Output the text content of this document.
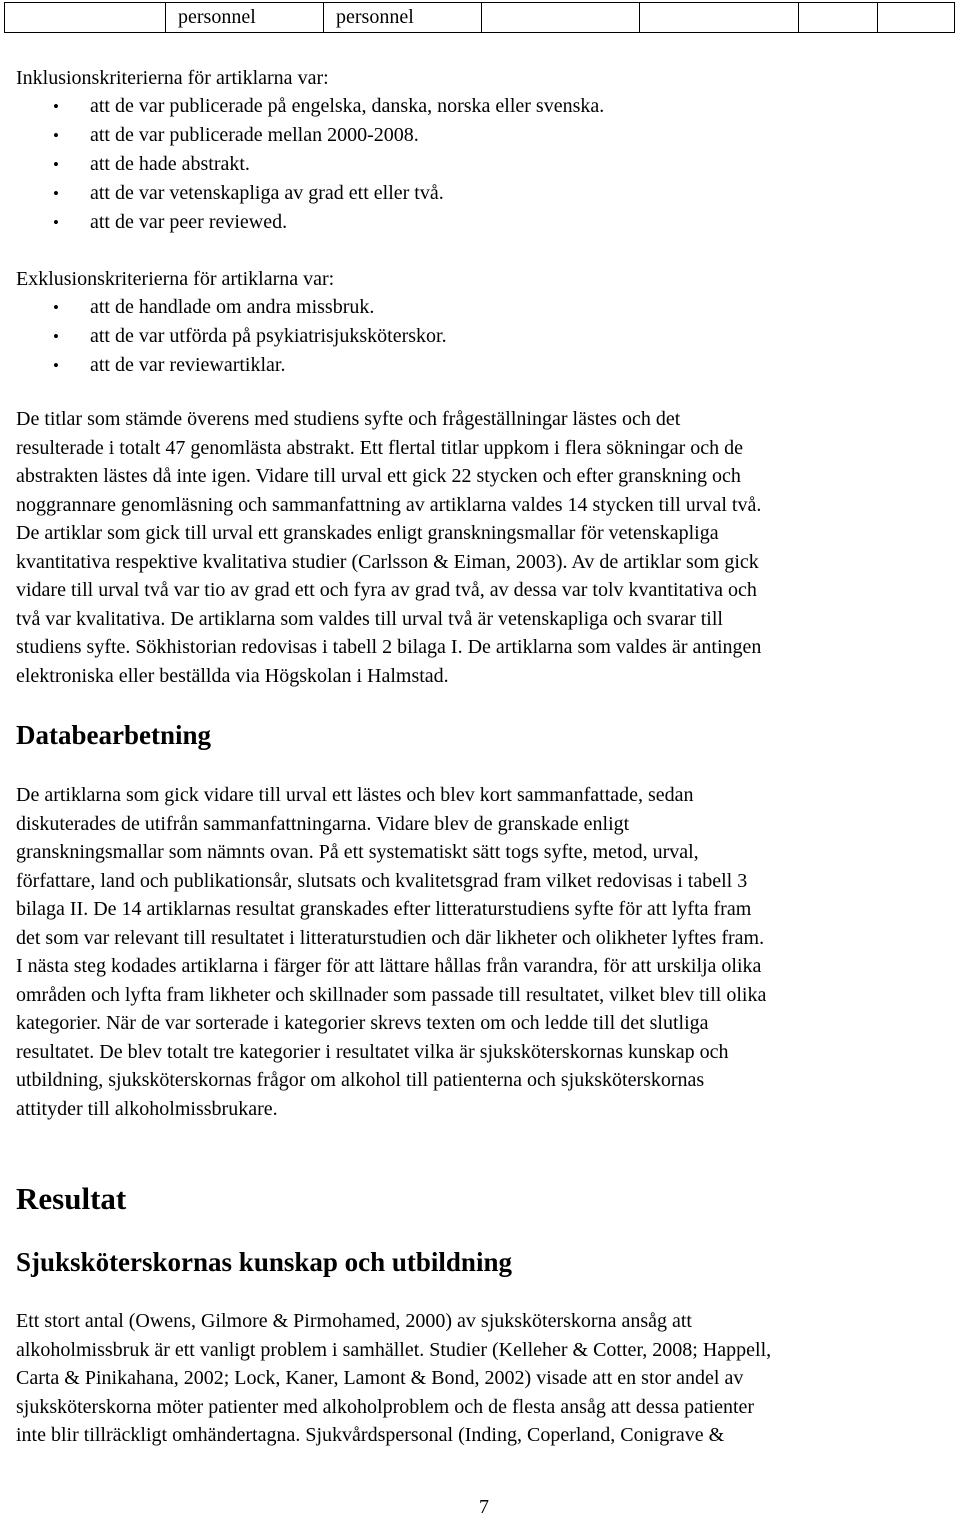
	personnel	personnel				
Inklusionskriterierna för artiklarna var:
• att de var publicerade på engelska, danska, norska eller svenska.
• att de var publicerade mellan 2000-2008.
• att de hade abstrakt.
• att de var vetenskapliga av grad ett eller två.
• att de var peer reviewed.
Exklusionskriterierna för artiklarna var:
• att de handlade om andra missbruk.
• att de var utförda på psykiatrisjuksköterskor.
• att de var reviewartiklar.
De titlar som stämde överens med studiens syfte och frågeställningar lästes och det
resulterade i totalt 47 genomlästa abstrakt. Ett flertal titlar uppkom i flera sökningar och de
abstrakten lästes då inte igen. Vidare till urval ett gick 22 stycken och efter granskning och
noggrannare genomläsning och sammanfattning av artiklarna valdes 14 stycken till urval två.
De artiklar som gick till urval ett granskades enligt granskningsmallar för vetenskapliga
kvantitativa respektive kvalitativa studier (Carlsson & Eiman, 2003). Av de artiklar som gick
vidare till urval två var tio av grad ett och fyra av grad två, av dessa var tolv kvantitativa och
två var kvalitativa. De artiklarna som valdes till urval två är vetenskapliga och svarar till
studiens syfte. Sökhistorian redovisas i tabell 2 bilaga I. De artiklarna som valdes är antingen
elektroniska eller beställda via Högskolan i Halmstad.
Databearbetning
De artiklarna som gick vidare till urval ett lästes och blev kort sammanfattade, sedan
diskuterades de utifrån sammanfattningarna. Vidare blev de granskade enligt
granskningsmallar som nämnts ovan. På ett systematiskt sätt togs syfte, metod, urval,
författare, land och publikationsår, slutsats och kvalitetsgrad fram vilket redovisas i tabell 3
bilaga II. De 14 artiklarnas resultat granskades efter litteraturstudiens syfte för att lyfta fram
det som var relevant till resultatet i litteraturstudien och där likheter och olikheter lyftes fram.
I nästa steg kodades artiklarna i färger för att lättare hållas från varandra, för att urskilja olika
områden och lyfta fram likheter och skillnader som passade till resultatet, vilket blev till olika
kategorier. När de var sorterade i kategorier skrevs texten om och ledde till det slutliga
resultatet. De blev totalt tre kategorier i resultatet vilka är sjuksköterskornas kunskap och
utbildning, sjuksköterskornas frågor om alkohol till patienterna och sjuksköterskornas
attityder till alkoholmissbrukare.
Resultat
Sjuksköterskornas kunskap och utbildning
Ett stort antal (Owens, Gilmore & Pirmohamed, 2000) av sjuksköterskorna ansåg att
alkoholmissbruk är ett vanligt problem i samhället. Studier (Kelleher & Cotter, 2008; Happell,
Carta & Pinikahana, 2002; Lock, Kaner, Lamont & Bond, 2002) visade att en stor andel av
sjuksköterskorna möter patienter med alkoholproblem och de flesta ansåg att dessa patienter
inte blir tillräckligt omhändertagna. Sjukvårdspersonal (Inding, Coperland, Conigrave &
7
